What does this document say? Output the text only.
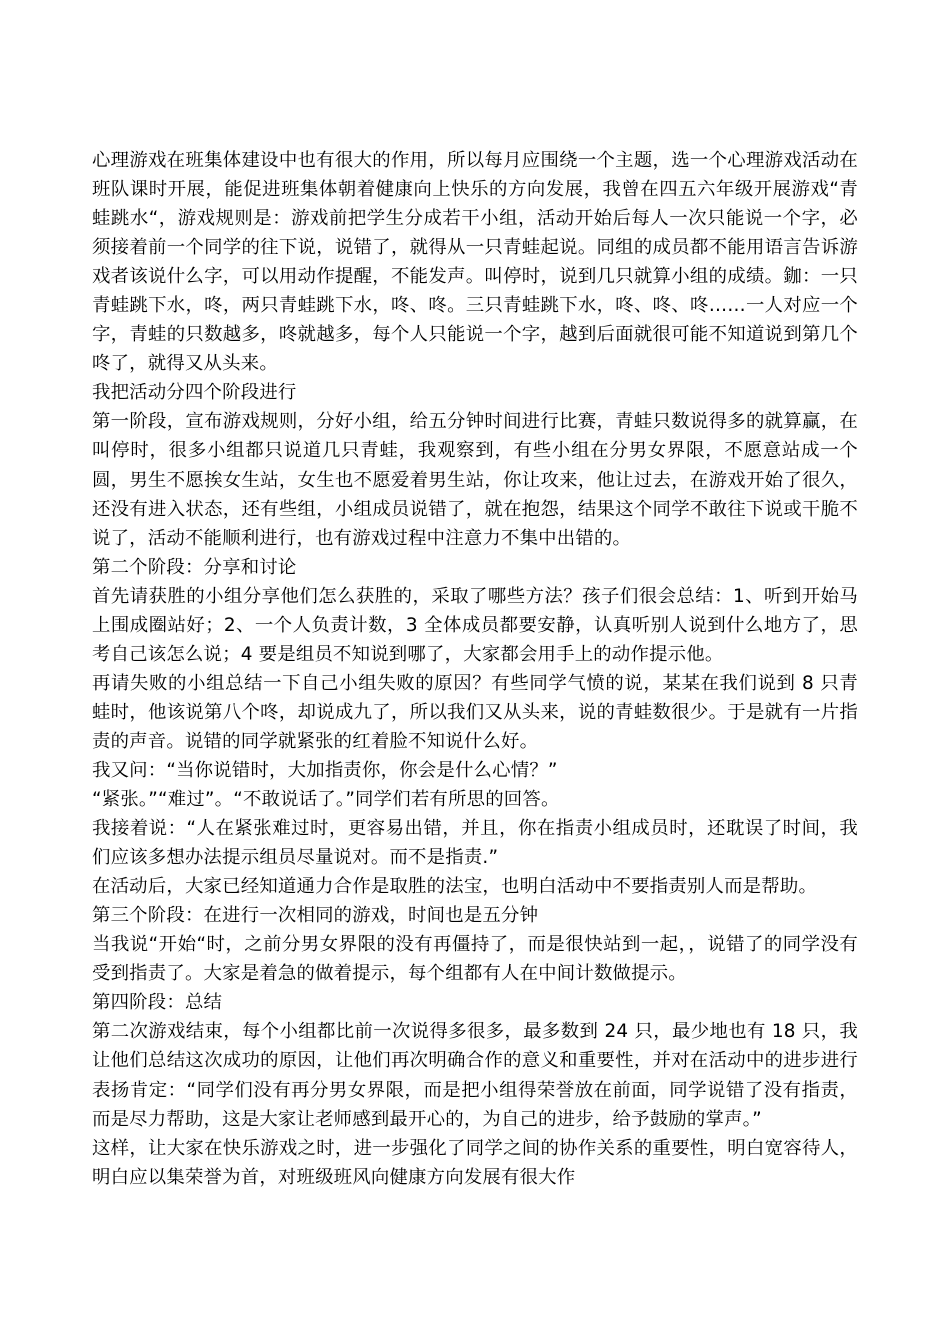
心理游戏在班集体建设中也有很大的作用，所以每月应围绕一个主题，选一个心理游戏活动在班队课时开展，能促进班集体朝着健康向上快乐的方向发展，我曾在四五六年级开展游戏“青蛙跳水“，游戏规则是：游戏前把学生分成若干小组，活动开始后每人一次只能说一个字，必须接着前一个同学的往下说，说错了，就得从一只青蛙起说。同组的成员都不能用语言告诉游戏者该说什么字，可以用动作提醒，不能发声。叫停时，说到几只就算小组的成绩。鉫：一只青蛙跳下水，咚，两只青蛙跳下水，咚、咚。三只青蛙跳下水，咚、咚、咚……一人对应一个字，青蛙的只数越多，咚就越多，每个人只能说一个字，越到后面就很可能不知道说到第几个咚了，就得又从头来。

我把活动分四个阶段进行

第一阶段，宣布游戏规则，分好小组，给五分钟时间进行比赛，青蛙只数说得多的就算赢，在叫停时，很多小组都只说道几只青蛙，我观察到，有些小组在分男女界限，不愿意站成一个圆，男生不愿挨女生站，女生也不愿爱着男生站，你让攻来，他让过去，在游戏开始了很久，还没有进入状态，还有些组，小组成员说错了，就在抱怨，结果这个同学不敢往下说或干脆不说了，活动不能顺利进行，也有游戏过程中注意力不集中出错的。

第二个阶段：分享和讨论

首先请获胜的小组分享他们怎么获胜的，采取了哪些方法？孩子们很会总结：1、听到开始马上围成圈站好；2、一个人负责计数，3 全体成员都要安静，认真听别人说到什么地方了，思考自己该怎么说；4 要是组员不知说到哪了，大家都会用手上的动作提示他。

再请失败的小组总结一下自己小组失败的原因？有些同学气愤的说，某某在我们说到 8 只青蛙时，他该说第八个咚，却说成九了，所以我们又从头来，说的青蛙数很少。于是就有一片指责的声音。说错的同学就紧张的红着脸不知说什么好。

我又问：“当你说错时，大加指责你，你会是什么心情？”

“紧张。”“难过”。“不敢说话了。”同学们若有所思的回答。

我接着说：“人在紧张难过时，更容易出错，并且，你在指责小组成员时，还耽误了时间，我们应该多想办法提示组员尽量说对。而不是指责.”

在活动后，大家已经知道通力合作是取胜的法宝，也明白活动中不要指责别人而是帮助。

第三个阶段：在进行一次相同的游戏，时间也是五分钟

当我说“开始“时，之前分男女界限的没有再僵持了，而是很快站到一起，，说错了的同学没有受到指责了。大家是着急的做着提示，每个组都有人在中间计数做提示。

第四阶段：总结

第二次游戏结束，每个小组都比前一次说得多很多，最多数到 24 只，最少地也有 18 只，我让他们总结这次成功的原因，让他们再次明确合作的意义和重要性，并对在活动中的进步进行表扬肯定：“同学们没有再分男女界限，而是把小组得荣誉放在前面，同学说错了没有指责，而是尽力帮助，这是大家让老师感到最开心的，为自己的进步，给予鼓励的掌声。”

这样，让大家在快乐游戏之时，进一步强化了同学之间的协作关系的重要性，明白宽容待人，明白应以集荣誉为首，对班级班风向健康方向发展有很大作
